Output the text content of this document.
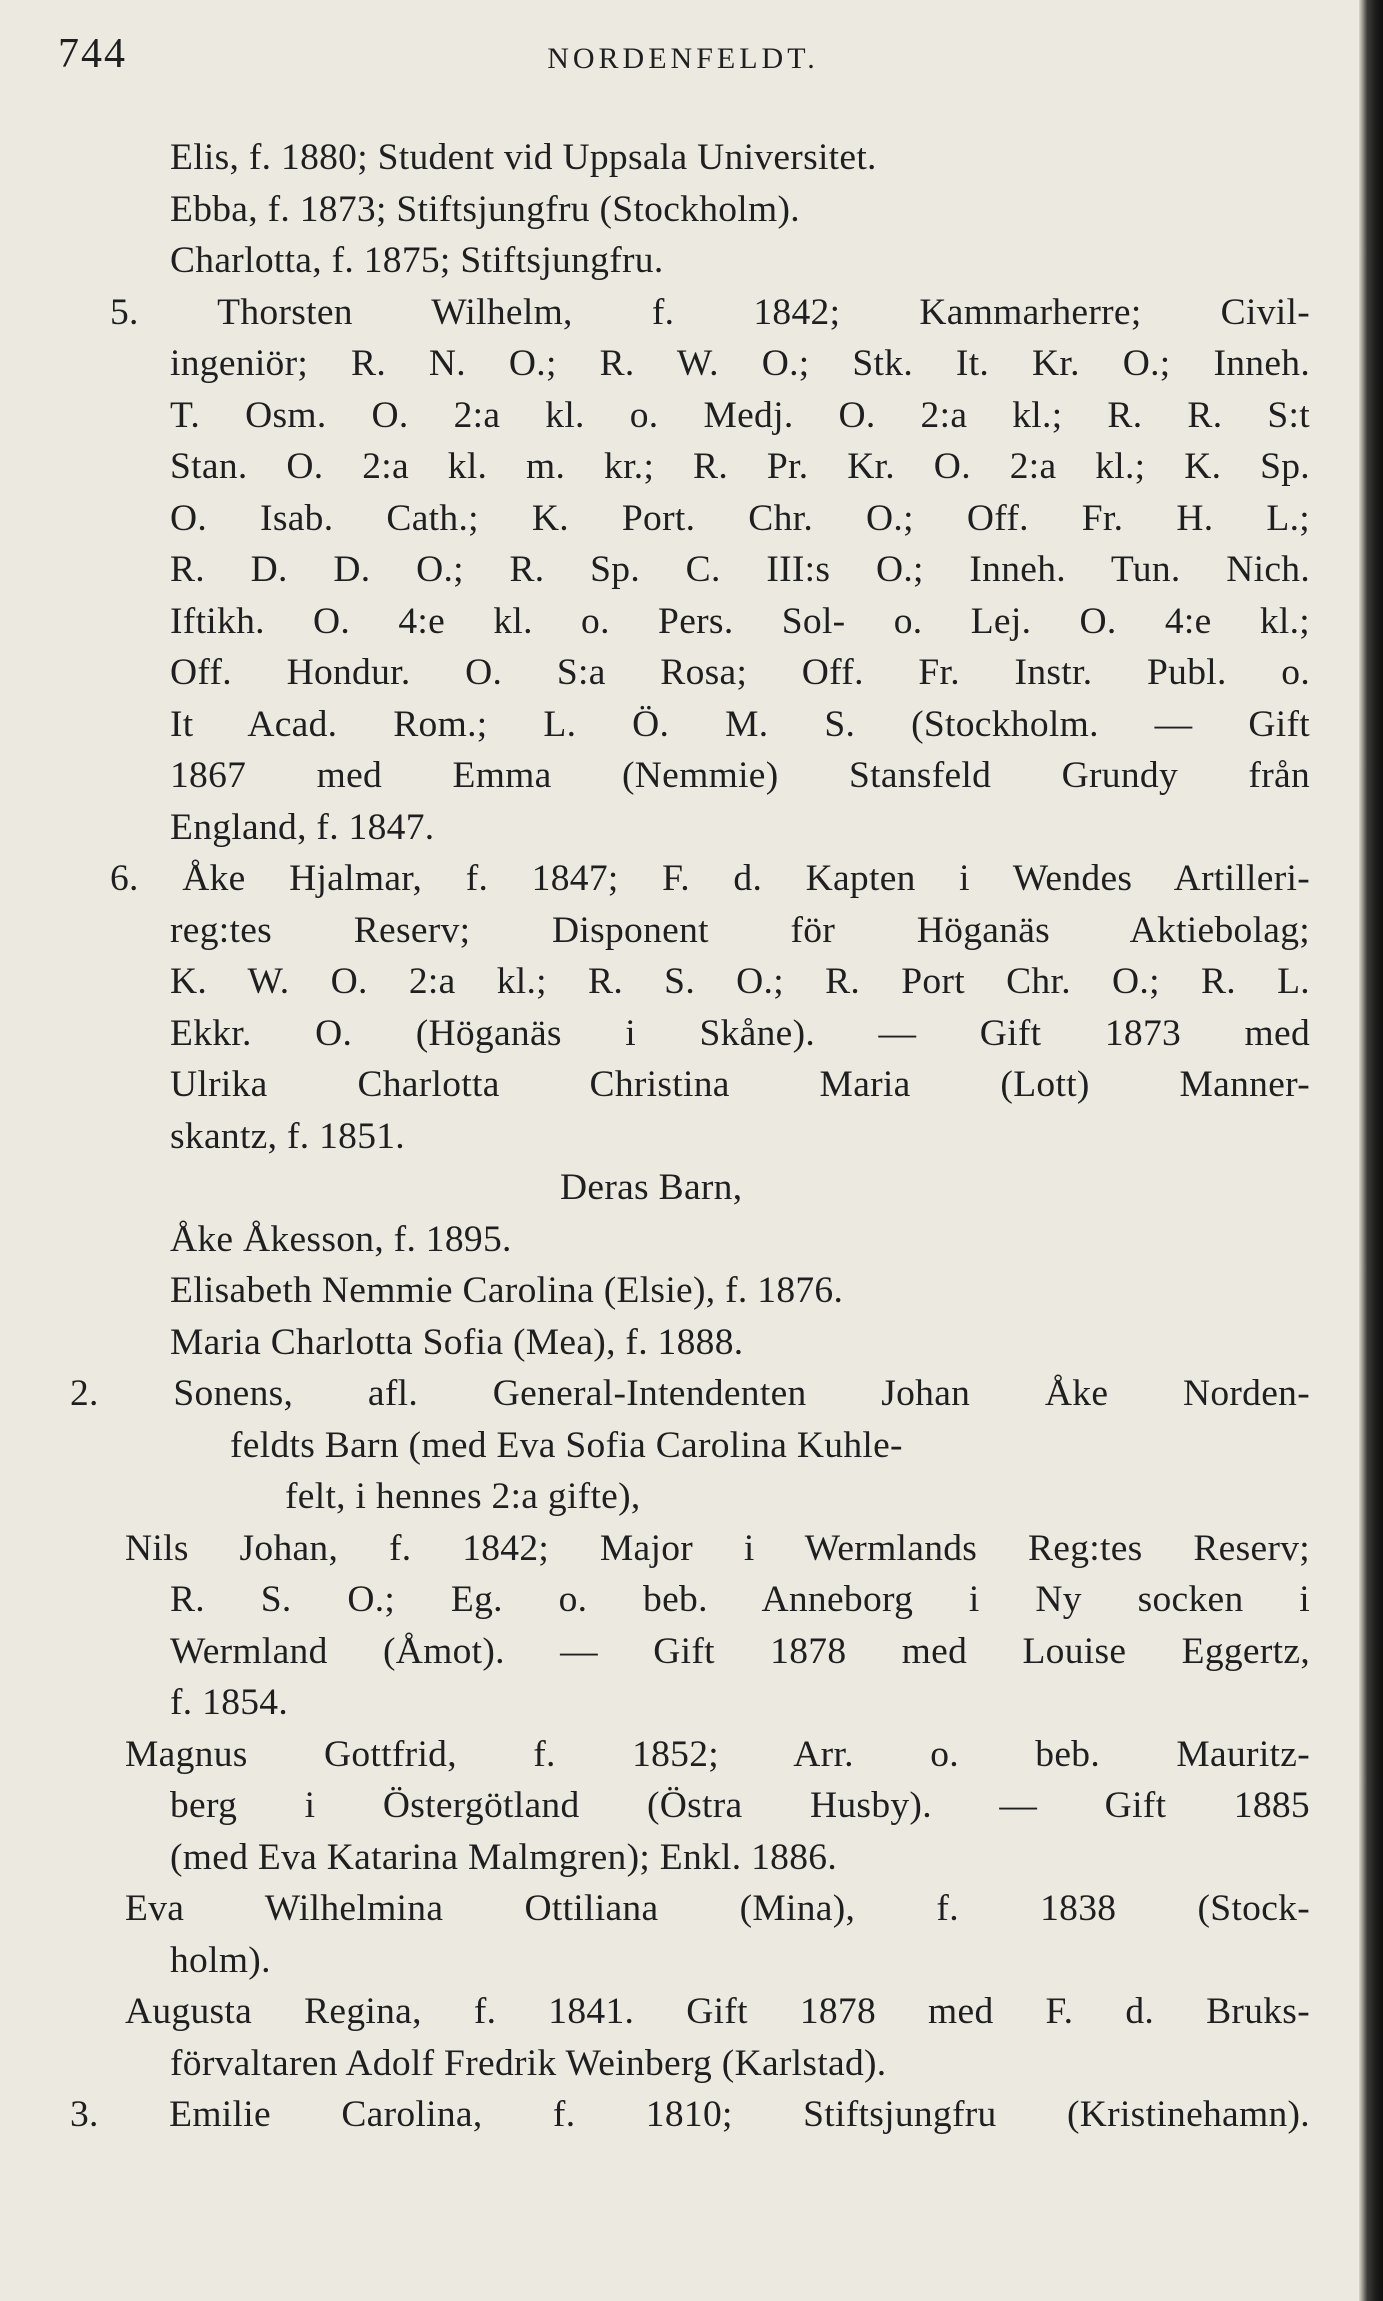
744	NORDENFELDT.
Elis, f. 1880; Student vid Uppsala Universitet.
Ebba, f. 1873; Stiftsjungfru (Stockholm).
Charlotta, f. 1875; Stiftsjungfru.
5. Thorsten Wilhelm, f. 1842; Kammarherre; Civil-
ingeniör; R. N. O.; R. W. O.; Stk. It. Kr. O.; Inneh.
T. Osm. O. 2:a kl. o. Medj. O. 2:a kl.; R. R. S:t
Stan. O. 2:a kl. m. kr.; R. Pr. Kr. O. 2:a kl.; K. Sp.
O. Isab. Cath.; K. Port. Chr. O.; Off. Fr. H. L.;
R. D. D. O.; R. Sp. C. III:s O.; Inneh. Tun. Nich.
Iftikh. O. 4:e kl. o. Pers. Sol- o. Lej. O. 4:e kl.;
Off. Hondur. O. S:a Rosa; Off. Fr. Instr. Publ. o.
It Acad. Rom.; L. Ö. M. S. (Stockholm. — Gift
1867 med Emma (Nemmie) Stansfeld Grundy från
England, f. 1847.
6. Åke Hjalmar, f. 1847; F. d. Kapten i Wendes Artilleri-
reg:tes Reserv; Disponent för Höganäs Aktiebolag;
K. W. O. 2:a kl.; R. S. O.; R. Port Chr. O.; R. L.
Ekkr. O. (Höganäs i Skåne). — Gift 1873 med
Ulrika Charlotta Christina Maria (Lott) Manner-
skantz, f. 1851.
Deras Barn,
Åke Åkesson, f. 1895.
Elisabeth Nemmie Carolina (Elsie), f. 1876.
Maria Charlotta Sofia (Mea), f. 1888.
2. Sonens, afl. General-Intendenten Johan Åke Norden-
feldts Barn (med Eva Sofia Carolina Kuhle-
felt, i hennes 2:a gifte),
Nils Johan, f. 1842; Major i Wermlands Reg:tes Reserv;
R. S. O.; Eg. o. beb. Anneborg i Ny socken i
Wermland (Åmot). — Gift 1878 med Louise Eggertz,
f. 1854.
Magnus Gottfrid, f. 1852; Arr. o. beb. Mauritz-
berg i Östergötland (Östra Husby). — Gift 1885
(med Eva Katarina Malmgren); Enkl. 1886.
Eva Wilhelmina Ottiliana (Mina), f. 1838 (Stock-
holm).
Augusta Regina, f. 1841. Gift 1878 med F. d. Bruks-
förvaltaren Adolf Fredrik Weinberg (Karlstad).
3. Emilie Carolina, f. 1810; Stiftsjungfru (Kristinehamn).
